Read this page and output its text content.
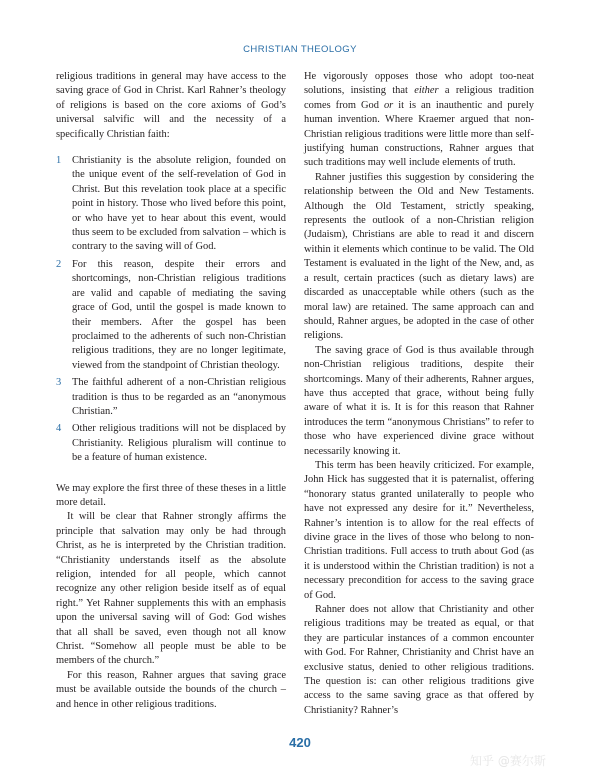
CHRISTIAN THEOLOGY

religious traditions in general may have access to the saving grace of God in Christ. Karl Rahner’s theology of religions is based on the core axioms of God’s universal salvific will and the necessity of a specifically Christian faith:

1 Christianity is the absolute religion, founded on the unique event of the self-revelation of God in Christ. But this revelation took place at a specific point in history. Those who lived before this point, or who have yet to hear about this event, would thus seem to be excluded from salvation – which is contrary to the saving will of God.
2 For this reason, despite their errors and shortcomings, non-Christian religious traditions are valid and capable of mediating the saving grace of God, until the gospel is made known to their members. After the gospel has been proclaimed to the adherents of such non-Christian religious traditions, they are no longer legitimate, viewed from the standpoint of Christian theology.
3 The faithful adherent of a non-Christian religious tradition is thus to be regarded as an “anonymous Christian.”
4 Other religious traditions will not be displaced by Christianity. Religious pluralism will continue to be a feature of human existence.

We may explore the first three of these theses in a little more detail.

It will be clear that Rahner strongly affirms the principle that salvation may only be had through Christ, as he is interpreted by the Christian tradition. “Christianity understands itself as the absolute religion, intended for all people, which cannot recognize any other religion beside itself as of equal right.” Yet Rahner supplements this with an emphasis upon the universal saving will of God: God wishes that all shall be saved, even though not all know Christ. “Somehow all people must be able to be members of the church.”

For this reason, Rahner argues that saving grace must be available outside the bounds of the church – and hence in other religious traditions.

He vigorously opposes those who adopt too-neat solutions, insisting that either a religious tradition comes from God or it is an inauthentic and purely human invention. Where Kraemer argued that non-Christian religious traditions were little more than self-justifying human constructions, Rahner argues that such traditions may well include elements of truth.

Rahner justifies this suggestion by considering the relationship between the Old and New Testaments. Although the Old Testament, strictly speaking, represents the outlook of a non-Christian religion (Judaism), Christians are able to read it and discern within it elements which continue to be valid. The Old Testament is evaluated in the light of the New, and, as a result, certain practices (such as dietary laws) are discarded as unacceptable while others (such as the moral law) are retained. The same approach can and should, Rahner argues, be adopted in the case of other religions.

The saving grace of God is thus available through non-Christian religious traditions, despite their shortcomings. Many of their adherents, Rahner argues, have thus accepted that grace, without being fully aware of what it is. It is for this reason that Rahner introduces the term “anonymous Christians” to refer to those who have experienced divine grace without necessarily knowing it.

This term has been heavily criticized. For example, John Hick has suggested that it is paternalist, offering “honorary status granted unilaterally to people who have not expressed any desire for it.” Nevertheless, Rahner’s intention is to allow for the real effects of divine grace in the lives of those who belong to non-Christian traditions. Full access to truth about God (as it is understood within the Christian tradition) is not a necessary precondition for access to the saving grace of God.

Rahner does not allow that Christianity and other religious traditions may be treated as equal, or that they are particular instances of a common encounter with God. For Rahner, Christianity and Christ have an exclusive status, denied to other religious traditions. The question is: can other religious traditions give access to the same saving grace as that offered by Christianity? Rahner’s

420
知乎 @赛尔斯
